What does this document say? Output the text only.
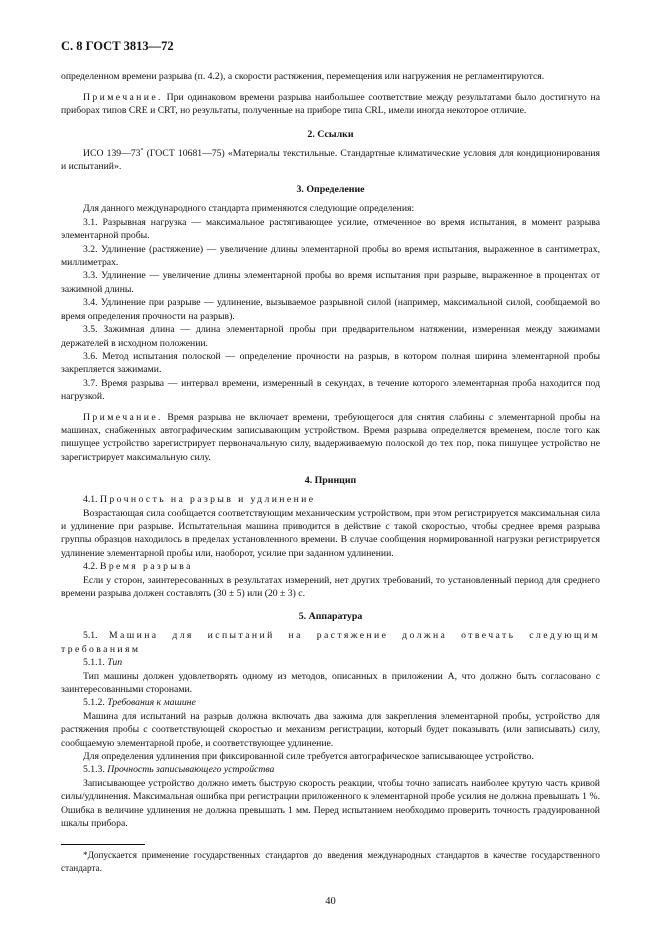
С. 8 ГОСТ 3813—72

определенном времени разрыва (п. 4.2), а скорости растяжения, перемещения или нагружения не регламентируются.

Примечание. При одинаковом времени разрыва наибольшее соответствие между результатами было достигнуто на приборах типов CRE и CRT, но результаты, полученные на приборе типа CRL, имели иногда некоторое отличие.

2. Ссылки

ИСО 139—73* (ГОСТ 10681—75) «Материалы текстильные. Стандартные климатические условия для кондиционирования и испытаний».

3. Определение

Для данного международного стандарта применяются следующие определения:

3.1. Разрывная нагрузка — максимальное растягивающее усилие, отмеченное во время испытания, в момент разрыва элементарной пробы.

3.2. Удлинение (растяжение) — увеличение длины элементарной пробы во время испытания, выраженное в сантиметрах, миллиметрах.

3.3. Удлинение — увеличение длины элементарной пробы во время испытания при разрыве, выраженное в процентах от зажимной длины.

3.4. Удлинение при разрыве — удлинение, вызываемое разрывной силой (например, максимальной силой, сообщаемой во время определения прочности на разрыв).

3.5. Зажимная длина — длина элементарной пробы при предварительном натяжении, измеренная между зажимами держателей в исходном положении.

3.6. Метод испытания полоской — определение прочности на разрыв, в котором полная ширина элементарной пробы закрепляется зажимами.

3.7. Время разрыва — интервал времени, измеренный в секундах, в течение которого элементарная проба находится под нагрузкой.

Примечание. Время разрыва не включает времени, требующегося для снятия слабины с элементарной пробы на машинах, снабженных автографическим записывающим устройством. Время разрыва определяется временем, после того как пишущее устройство зарегистрирует первоначальную силу, выдерживаемую полоской до тех пор, пока пишущее устройство не зарегистрирует максимальную силу.

4. Принцип

4.1. Прочность на разрыв и удлинение

Возрастающая сила сообщается соответствующим механическим устройством, при этом регистрируется максимальная сила и удлинение при разрыве. Испытательная машина приводится в действие с такой скоростью, чтобы среднее время разрыва группы образцов находилось в пределах установленного времени. В случае сообщения нормированной нагрузки регистрируется удлинение элементарной пробы или, наоборот, усилие при заданном удлинении.

4.2. Время разрыва

Если у сторон, заинтересованных в результатах измерений, нет других требований, то установленный период для среднего времени разрыва должен составлять (30 ± 5) или (20 ± 3) с.

5. Аппаратура

5.1. Машина для испытаний на растяжение должна отвечать следующим требованиям

5.1.1. Тип

Тип машины должен удовлетворять одному из методов, описанных в приложении А, что должно быть согласовано с заинтересованными сторонами.

5.1.2. Требования к машине

Машина для испытаний на разрыв должна включать два зажима для закрепления элементарной пробы, устройство для растяжения пробы с соответствующей скоростью и механизм регистрации, который будет показывать (или записывать) силу, сообщаемую элементарной пробе, и соответствующее удлинение.

Для определения удлинения при фиксированной силе требуется автографическое записывающее устройство.

5.1.3. Прочность записывающего устройства

Записывающее устройство должно иметь быструю скорость реакции, чтобы точно записать наиболее крутую часть кривой силы/удлинения. Максимальная ошибка при регистрации приложенного к элементарной пробе усилия не должна превышать 1 %. Ошибка в величине удлинения не должна превышать 1 мм. Перед испытанием необходимо проверить точность градуированной шкалы прибора.

*Допускается применение государственных стандартов до введения международных стандартов в качестве государственного стандарта.

40
